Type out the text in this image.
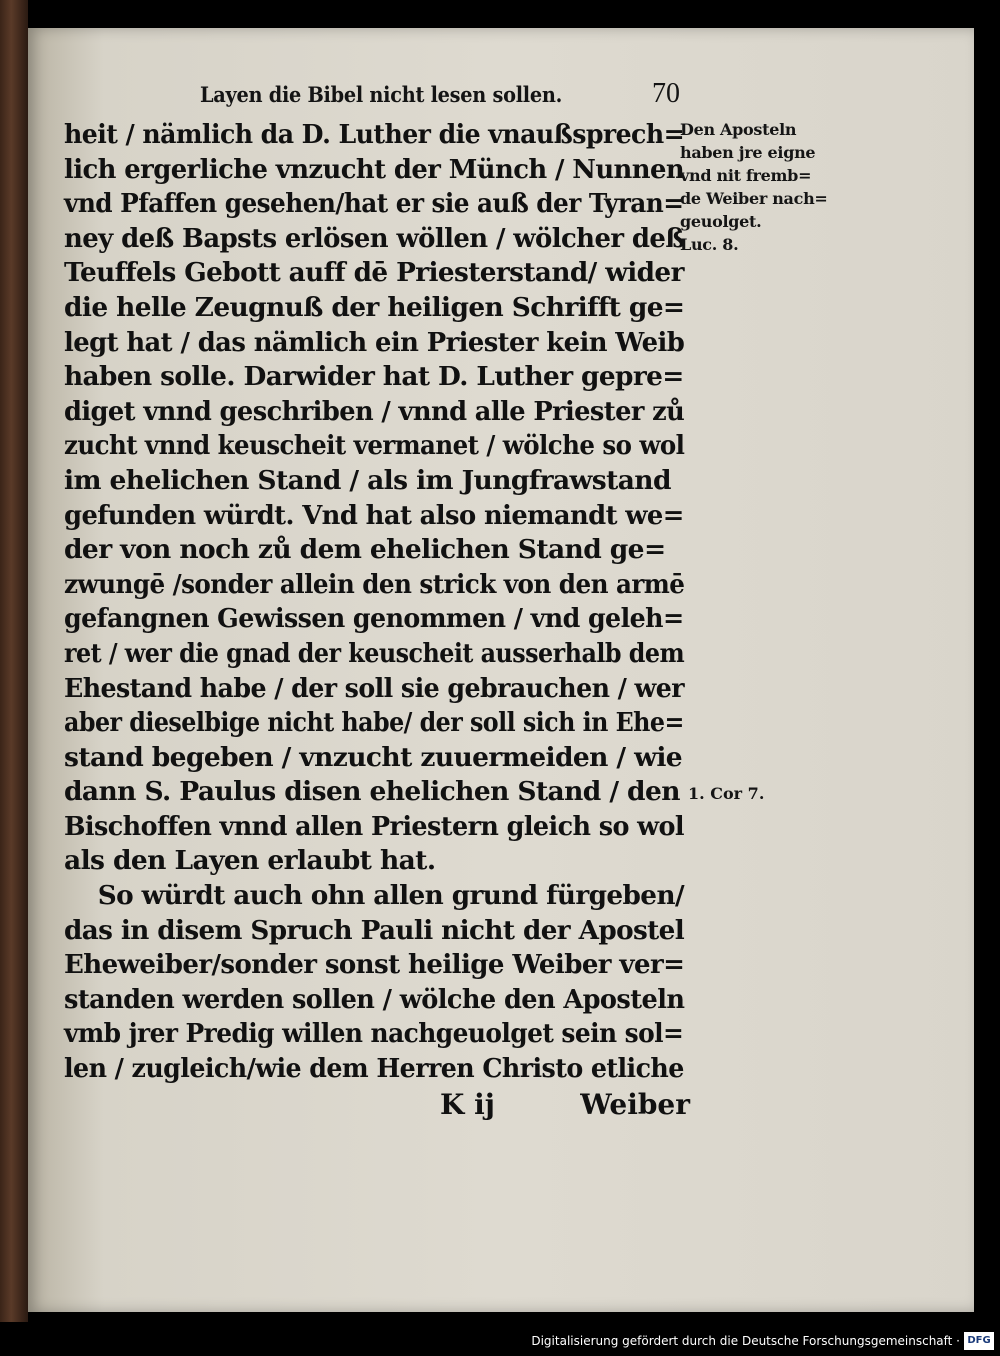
Layen die Bibel nicht lesen sollen.	70
heit / nämlich da D. Luther die vnaußsprech=
lich ergerliche vnzucht der Münch / Nunnen
vnd Pfaffen gesehen/hat er sie auß der Tyran=
ney deß Bapsts erlösen wöllen / wölcher deß
Teuffels Gebott auff dē Priesterstand/ wider
die helle Zeugnuß der heiligen Schrifft ge=
legt hat / das nämlich ein Priester kein Weib
haben solle. Darwider hat D. Luther gepre=
diget vnnd geschriben / vnnd alle Priester zů
zucht vnnd keuscheit vermanet / wölche so wol
im ehelichen Stand / als im Jungfrawstand
gefunden würdt. Vnd hat also niemandt we=
der von noch zů dem ehelichen Stand ge=
zwungē /sonder allein den strick von den armē
gefangnen Gewissen genommen / vnd geleh=
ret / wer die gnad der keuscheit ausserhalb dem
Ehestand habe / der soll sie gebrauchen / wer
aber dieselbige nicht habe/ der soll sich in Ehe=
stand begeben / vnzucht zuuermeiden / wie
dann S. Paulus disen ehelichen Stand / den
Bischoffen vnnd allen Priestern gleich so wol
als den Layen erlaubt hat.
So würdt auch ohn allen grund fürgeben/
das in disem Spruch Pauli nicht der Apostel
Eheweiber/sonder sonst heilige Weiber ver=
standen werden sollen / wölche den Aposteln
vmb jrer Predig willen nachgeuolget sein sol=
len / zugleich/wie dem Herren Christo etliche
K ij	Weiber
Den Aposteln
haben jre eigne
vnd nit fremb=
de Weiber nach=
geuolget.
Luc. 8.
1. Cor 7.
Digitalisierung gefördert durch die Deutsche Forschungsgemeinschaft · DFG
